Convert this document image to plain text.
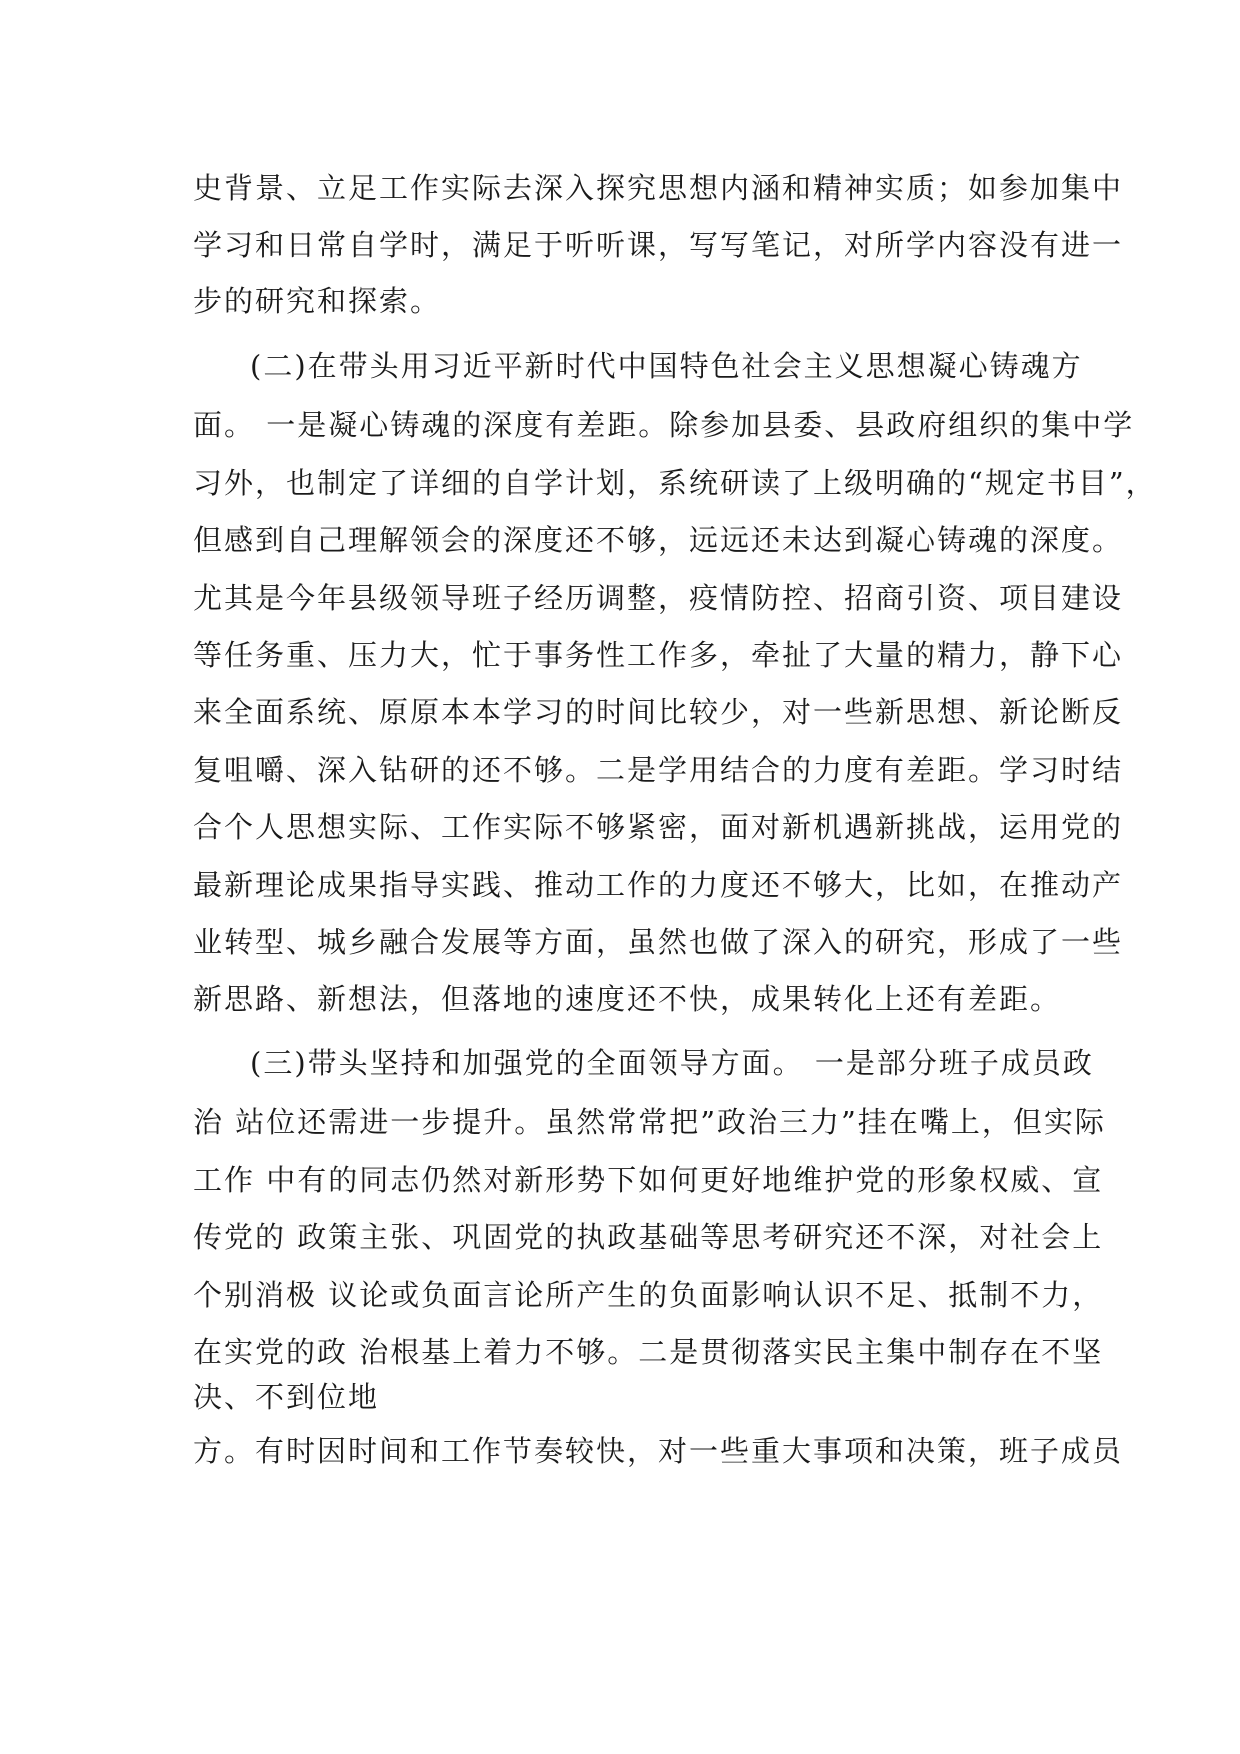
史背景、立足工作实际去深入探究思想内涵和精神实质；如参加集中
学习和日常自学时，满足于听听课，写写笔记，对所学内容没有进一
步的研究和探索。
(二)在带头用习近平新时代中国特色社会主义思想凝心铸魂方
面。 一是凝心铸魂的深度有差距。除参加县委、县政府组织的集中学
习外，也制定了详细的自学计划，系统研读了上级明确的“规定书目”，
但感到自己理解领会的深度还不够，远远还未达到凝心铸魂的深度。
尤其是今年县级领导班子经历调整，疫情防控、招商引资、项目建设
等任务重、压力大，忙于事务性工作多，牵扯了大量的精力，静下心
来全面系统、原原本本学习的时间比较少，对一些新思想、新论断反
复咀嚼、深入钻研的还不够。二是学用结合的力度有差距。学习时结
合个人思想实际、工作实际不够紧密，面对新机遇新挑战，运用党的
最新理论成果指导实践、推动工作的力度还不够大，比如，在推动产
业转型、城乡融合发展等方面，虽然也做了深入的研究，形成了一些
新思路、新想法，但落地的速度还不快，成果转化上还有差距。
(三)带头坚持和加强党的全面领导方面。 一是部分班子成员政
治 站位还需进一步提升。虽然常常把”政治三力”挂在嘴上，但实际
工作 中有的同志仍然对新形势下如何更好地维护党的形象权威、宣
传党的 政策主张、巩固党的执政基础等思考研究还不深，对社会上
个别消极 议论或负面言论所产生的负面影响认识不足、抵制不力，
在实党的政 治根基上着力不够。二是贯彻落实民主集中制存在不坚
决、不到位地
方。有时因时间和工作节奏较快，对一些重大事项和决策，班子成员
